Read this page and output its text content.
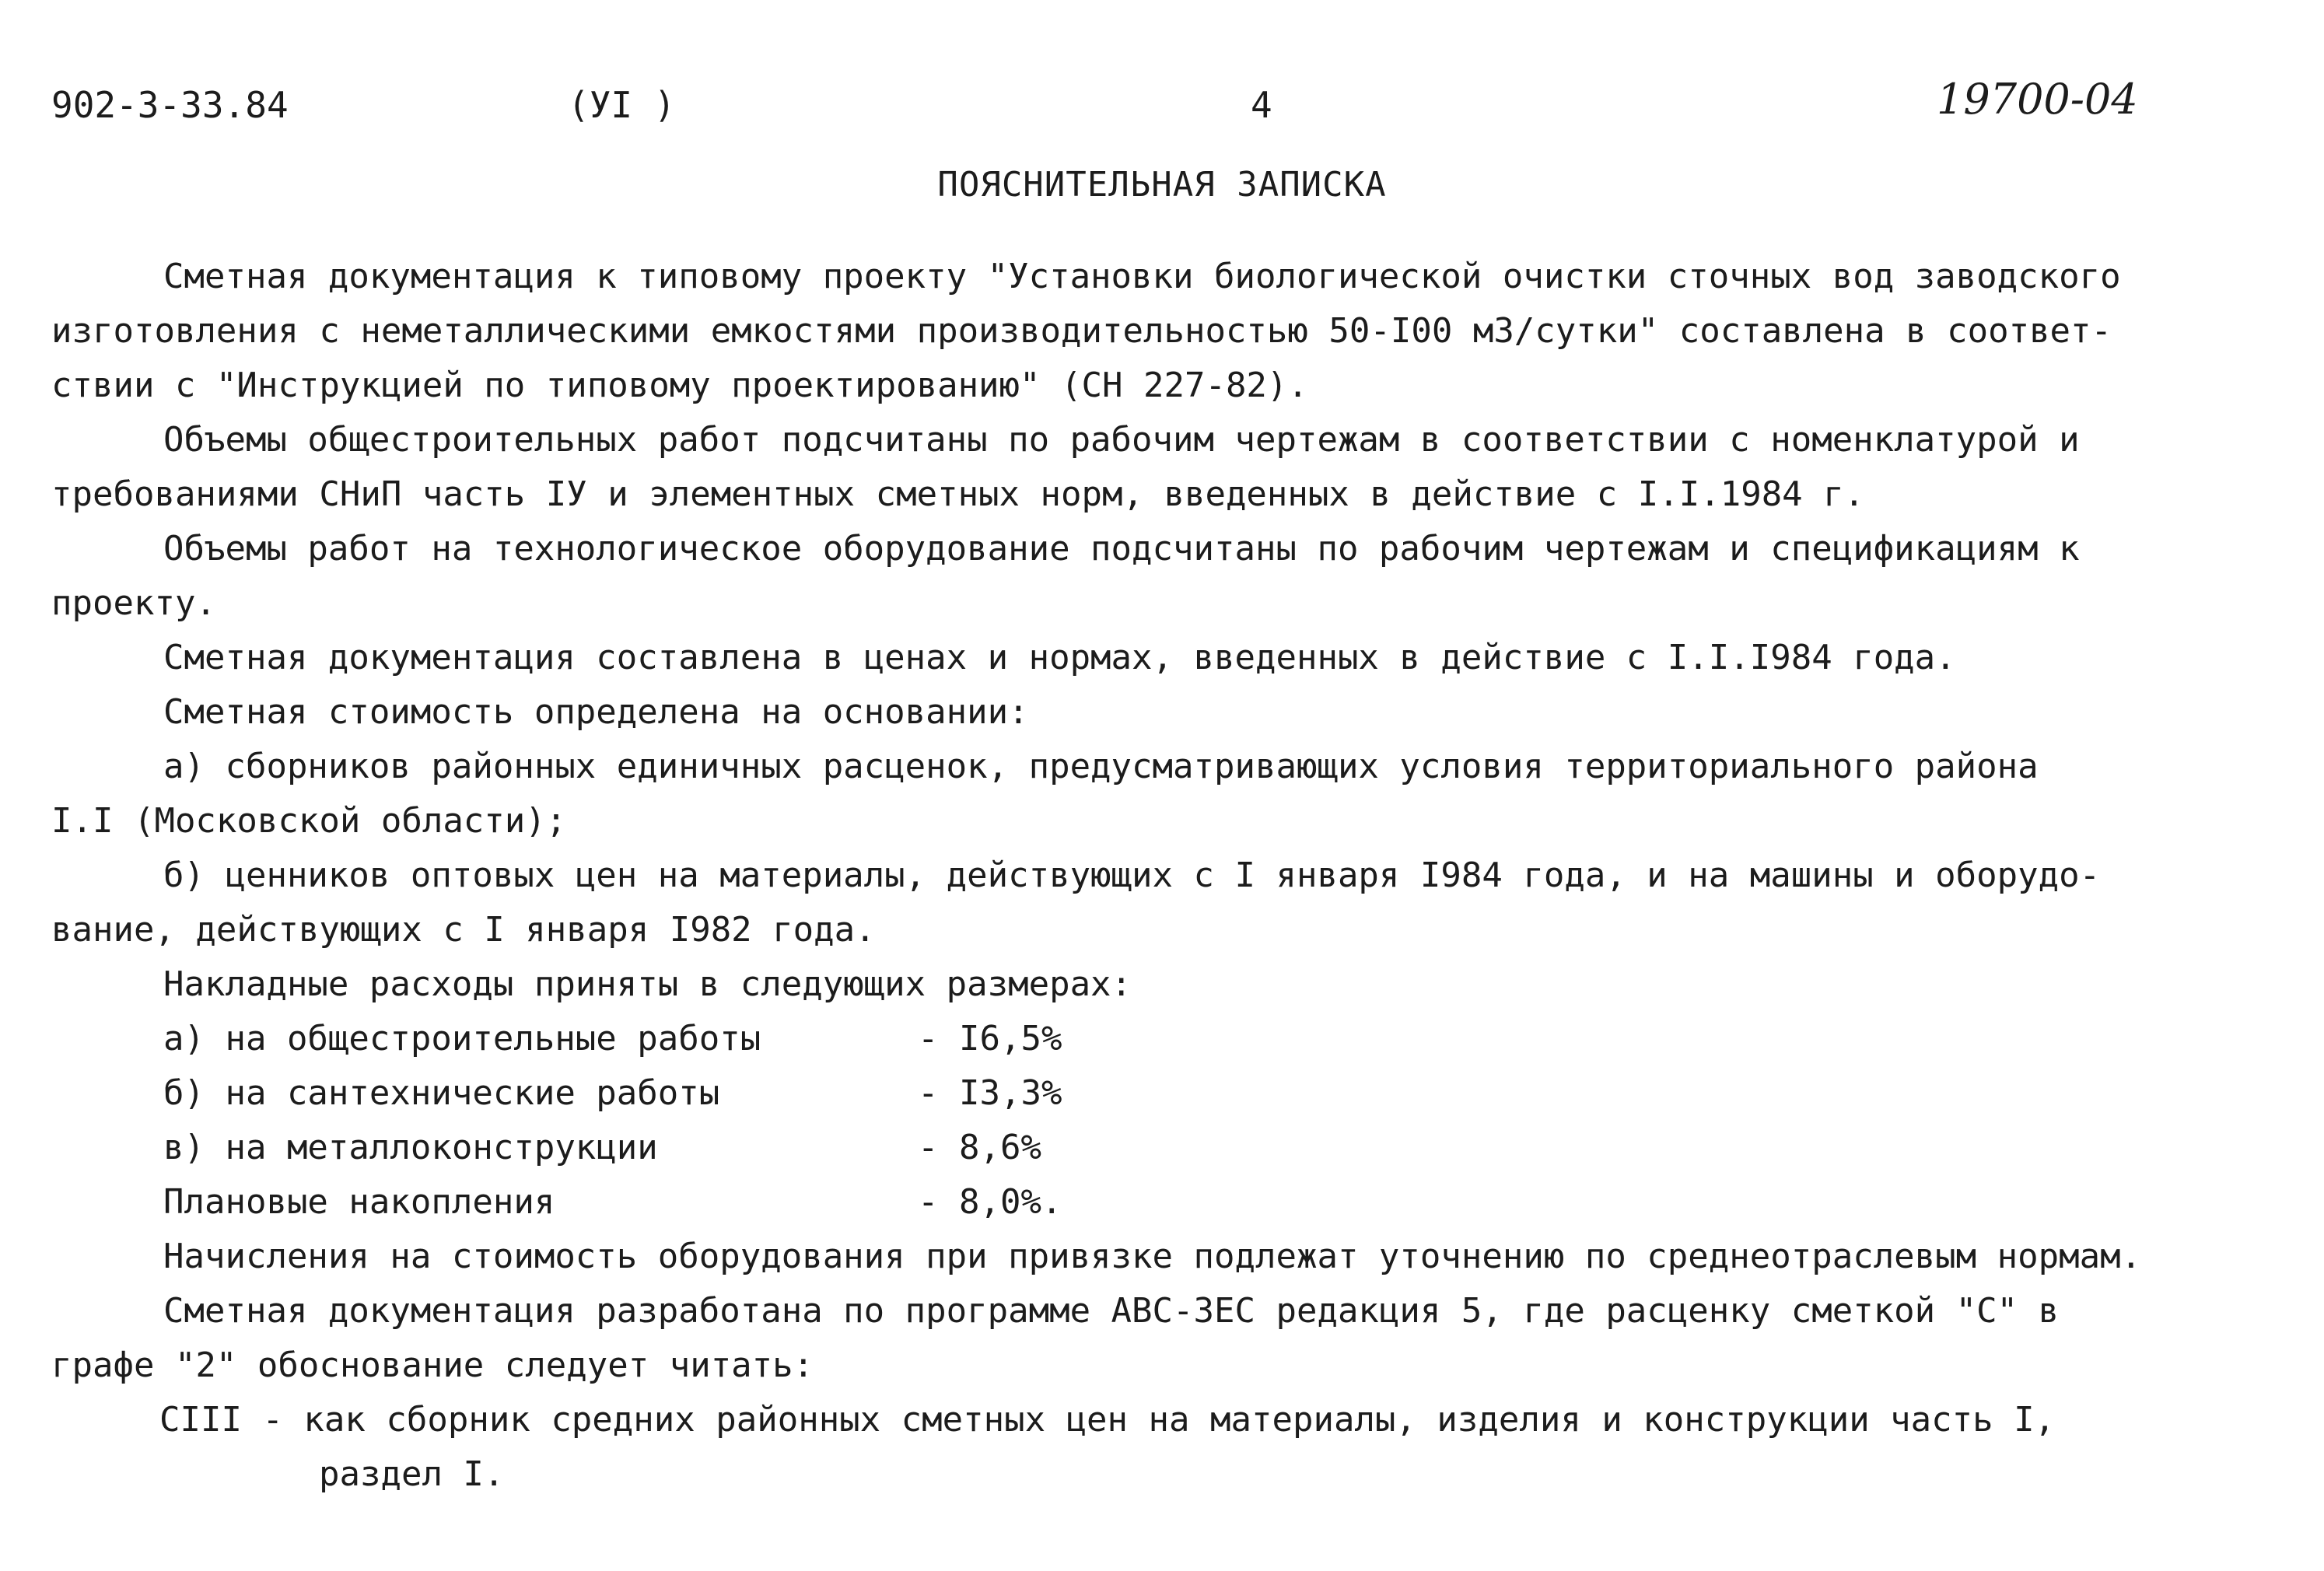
902-3-33.84	(УI )	4	19700-04
ПОЯСНИТЕЛЬНАЯ ЗАПИСКА
Сметная документация к типовому проекту "Установки биологической очистки сточных вод заводского
изготовления с неметаллическими емкостями производительностью 50-I00 м3/сутки" составлена в соответ-
ствии с "Инструкцией по типовому проектированию" (СН 227-82).
Объемы общестроительных работ подсчитаны по рабочим чертежам в соответствии с номенклатурой и
требованиями СНиП часть IУ и элементных сметных норм, введенных в действие с I.I.1984 г.
Объемы работ на технологическое оборудование подсчитаны по рабочим чертежам и спецификациям к
проекту.
Сметная документация составлена в ценах и нормах, введенных в действие с I.I.I984 года.
Сметная стоимость определена на основании:
а) сборников районных единичных расценок, предусматривающих условия территориального района
I.I (Московской области);
б) ценников оптовых цен на материалы, действующих с I января I984 года, и на машины и оборудо-
вание, действующих с I января I982 года.
Накладные расходы приняты в следующих размерах:
а) на общестроительные работы	- I6,5%
б) на сантехнические работы	- I3,3%
в) на металлоконструкции	- 8,6%
Плановые накопления	- 8,0%.
Начисления на стоимость оборудования при привязке подлежат уточнению по среднеотраслевым нормам.
Сметная документация разработана по программе АВС-ЗЕС редакция 5, где расценку сметкой "С" в
графе "2" обоснование следует читать:
СIII - как сборник средних районных сметных цен на материалы, изделия и конструкции часть I,
раздел I.
